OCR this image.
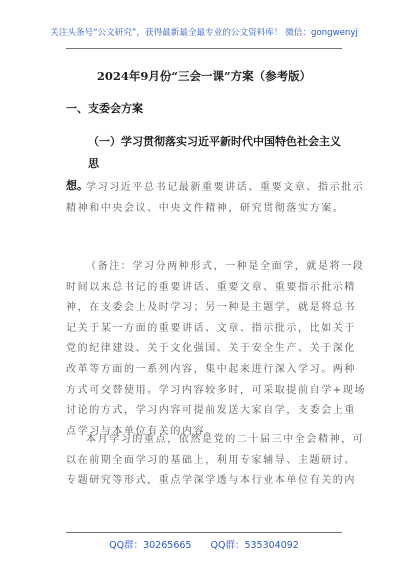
关注头条号“公文研究”，获得最新最全最专业的公文资料库！ 微信：gongwenyj
2024年9月份“三会一课”方案（参考版）
一、支委会方案
（一）学习贯彻落实习近平新时代中国特色社会主义思
想。
学习习近平总书记最新重要讲话、重要文章、指示批示
精神和中央会议、中央文件精神，研究贯彻落实方案。
（备注：学习分两种形式，一种是全面学，就是将一段
时间以来总书记的重要讲话、重要文章、重要指示批示精
神，在支委会上及时学习；另一种是主题学，就是将总书
记关于某一方面的重要讲话、文章、指示批示，比如关于
党的纪律建设、关于文化强国、关于安全生产、关于深化
改革等方面的一系列内容，集中起来进行深入学习。两种
方式可交替使用。学习内容较多时，可采取提前自学+现场
讨论的方式，学习内容可提前发送大家自学，支委会上重
点学习与本单位有关的内容。
本月学习的重点，依然是党的二十届三中全会精神，可
以在前期全面学习的基础上，利用专家辅导、主题研讨、
专题研究等形式，重点学深学透与本行业本单位有关的内
QQ群：30265665 QQ群：535304092
